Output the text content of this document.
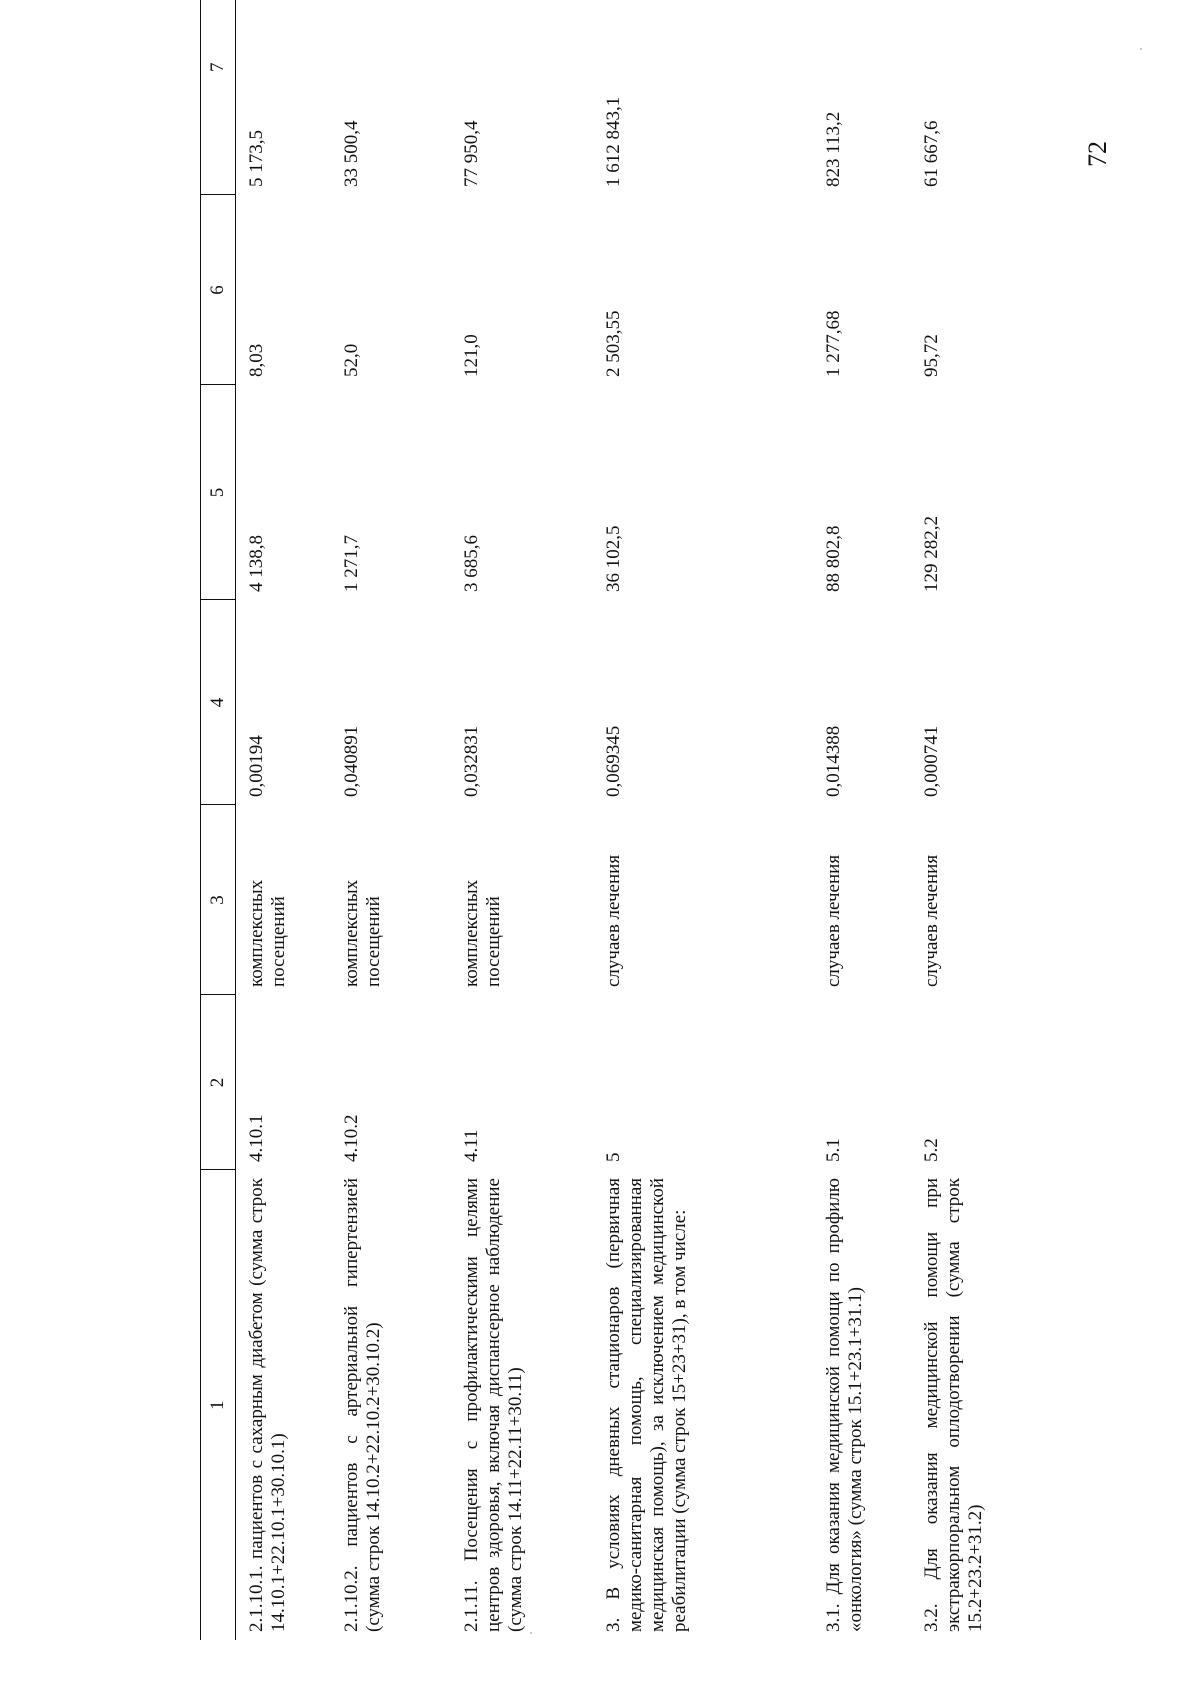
72
1	2	3	4	5	6	7
2.1.10.1. пациентов с сахарным диабетом (сумма строк 14.10.1+22.10.1+30.10.1)	4.10.1	комплексных посещений	0,00194	4 138,8	8,03	5 173,5
2.1.10.2. пациентов с артериальной гипертензией (сумма строк 14.10.2+22.10.2+30.10.2)	4.10.2	комплексных посещений	0,040891	1 271,7	52,0	33 500,4
2.1.11. Посещения с профилактическими целями центров здоровья, включая диспансерное наблюдение (сумма строк 14.11+22.11+30.11)	4.11	комплексных посещений	0,032831	3 685,6	121,0	77 950,4
3. В условиях дневных стационаров (первичная медико-санитарная помощь, специализированная медицинская помощь), за исключением медицинской реабилитации (сумма строк 15+23+31), в том числе:	5	случаев лечения	0,069345	36 102,5	2 503,55	1 612 843,1
3.1. Для оказания медицинской помощи по профилю «онкология» (сумма строк 15.1+23.1+31.1)	5.1	случаев лечения	0,014388	88 802,8	1 277,68	823 113,2
3.2. Для оказания медицинской помощи при экстракорпоральном оплодотворении (сумма строк 15.2+23.2+31.2)	5.2	случаев лечения	0,000741	129 282,2	95,72	61 667,6
